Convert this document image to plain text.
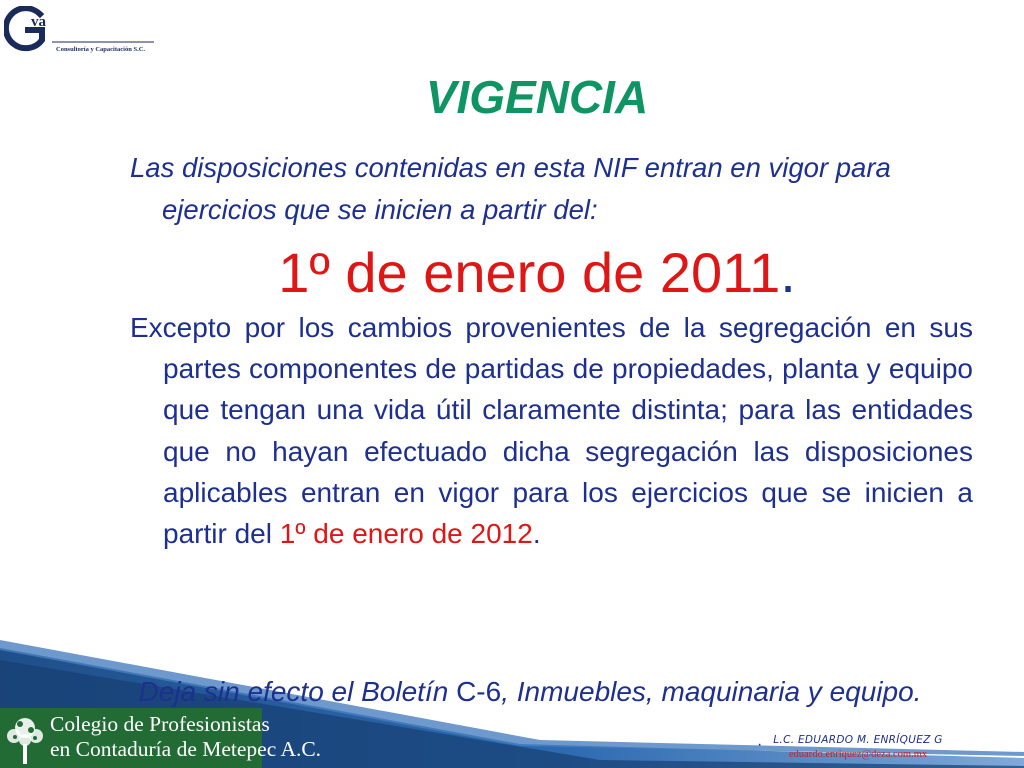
va
Consultoría y Capacitación S.C.
VIGENCIA
Las disposiciones contenidas en esta NIF entran en vigor para ejercicios que se inicien a partir del:
1º de enero de 2011.
Excepto por los cambios provenientes de la segregación en sus partes componentes de partidas de propiedades, planta y equipo que tengan una vida útil claramente distinta; para las entidades que no hayan efectuado dicha segregación las disposiciones aplicables entran en vigor para los ejercicios que se inicien a partir del 1º de enero de 2012.
Deja sin efecto el Boletín C-6, Inmuebles, maquinaria y equipo.
Colegio de Profesionistas
en Contaduría de Metepec A.C.	·	L.C. EDUARDO M. ENRÍQUEZ G
eduardo.enriquez@deza.com.mx
